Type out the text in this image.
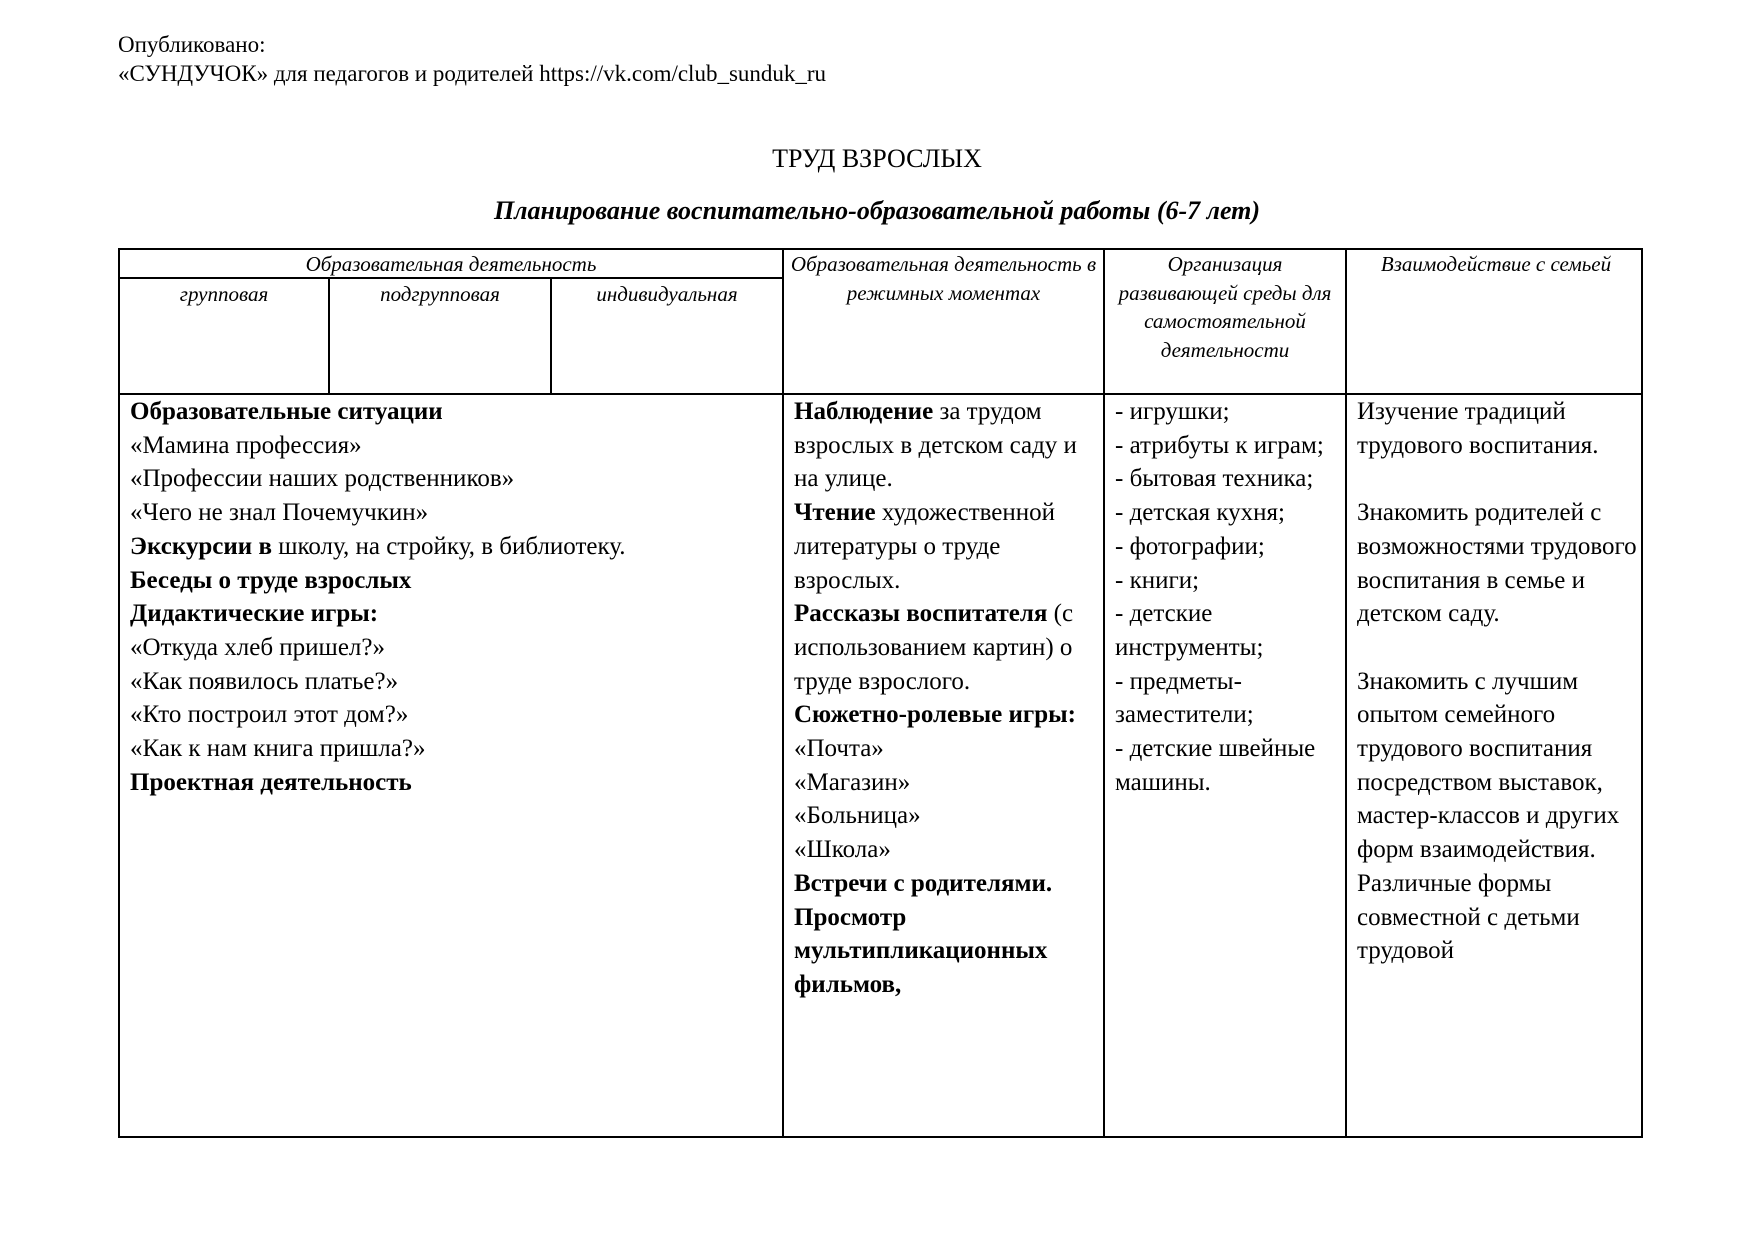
Опубликовано:
«СУНДУЧОК» для педагогов и родителей https://vk.com/club_sunduk_ru
ТРУД ВЗРОСЛЫХ
Планирование воспитательно-образовательной работы (6-7 лет)
Образовательная деятельность
групповая	подгрупповая	индивидуальная
Образовательная деятельность в режимных моментах
Организация развивающей среды для самостоятельной деятельности
Взаимодействие с семьей

Образовательные ситуации

«Мамина профессия»

«Профессии наших родственников»

«Чего не знал Почемучкин»

Экскурсии в школу, на стройку, в библиотеку.

Беседы о труде взрослых

Дидактические игры:

«Откуда хлеб пришел?»

«Как появилось платье?»

«Кто построил этот дом?»

«Как к нам книга пришла?»

Проектная деятельность

Наблюдение за трудом взрослых в детском саду и на улице.

Чтение художественной литературы о труде взрослых.

Рассказы воспитателя (с использованием картин) о труде взрослого.

Сюжетно-ролевые игры:

«Почта»

«Магазин»

«Больница»

«Школа»

Встречи с родителями.

Просмотр мультипликационных фильмов,

- игрушки;

- атрибуты к играм;

- бытовая техника;

- детская кухня;

- фотографии;

- книги;

- детские инструменты;

- предметы-заместители;

- детские швейные машины.

Изучение традиций трудового воспитания.

Знакомить родителей с возможностями трудового воспитания в семье и детском саду.

Знакомить с лучшим опытом семейного трудового воспитания посредством выставок, мастер-классов и других форм взаимодействия.

Различные формы совместной с детьми трудовой
